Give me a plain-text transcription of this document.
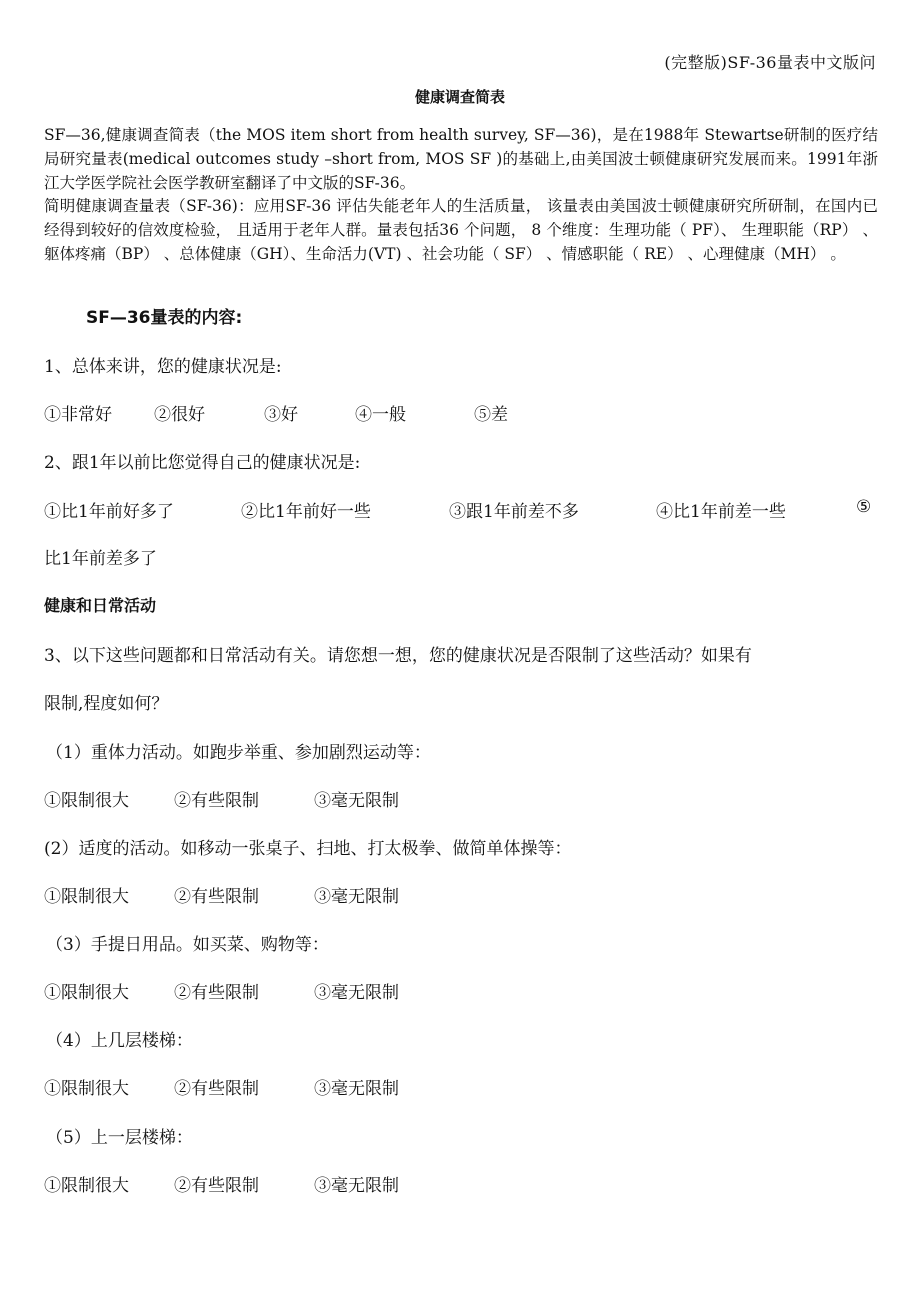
(完整版)SF-36量表中文版问
健康调查简表

SF—36,健康调查简表（the MOS item short from health survey, SF—36)，是在1988年 Stewartse研制的医疗结局研究量表(medical outcomes study –short from, MOS SF )的基础上,由美国波士顿健康研究发展而来。1991年浙江大学医学院社会医学教研室翻译了中文版的SF-36。

简明健康调查量表（SF-36)：应用SF-36 评估失能老年人的生活质量， 该量表由美国波士顿健康研究所研制，在国内已经得到较好的信效度检验， 且适用于老年人群。量表包括36 个问题， 8 个维度：生理功能（ PF）、 生理职能（RP） 、躯体疼痛（BP） 、总体健康（GH）、生命活力(VT) 、社会功能（ SF） 、情感职能（ RE） 、心理健康（MH） 。

SF—36量表的内容:
1、总体来讲，您的健康状况是:
①非常好 ②很好	③好	④一般	⑤差
2、跟1年以前比您觉得自己的健康状况是:
①比1年前好多了	②比1年前好一些	③跟1年前差不多	④比1年前差一些	⑤
比1年前差多了
健康和日常活动
3、以下这些问题都和日常活动有关。请您想一想，您的健康状况是否限制了这些活动？如果有
限制,程度如何？
（1）重体力活动。如跑步举重、参加剧烈运动等：
①限制很大	②有些限制	③毫无限制
(2）适度的活动。如移动一张桌子、扫地、打太极拳、做简单体操等：
①限制很大	②有些限制	③毫无限制
（3）手提日用品。如买菜、购物等：
①限制很大	②有些限制	③毫无限制
（4）上几层楼梯：
①限制很大	②有些限制	③毫无限制
（5）上一层楼梯：
①限制很大	②有些限制	③毫无限制
